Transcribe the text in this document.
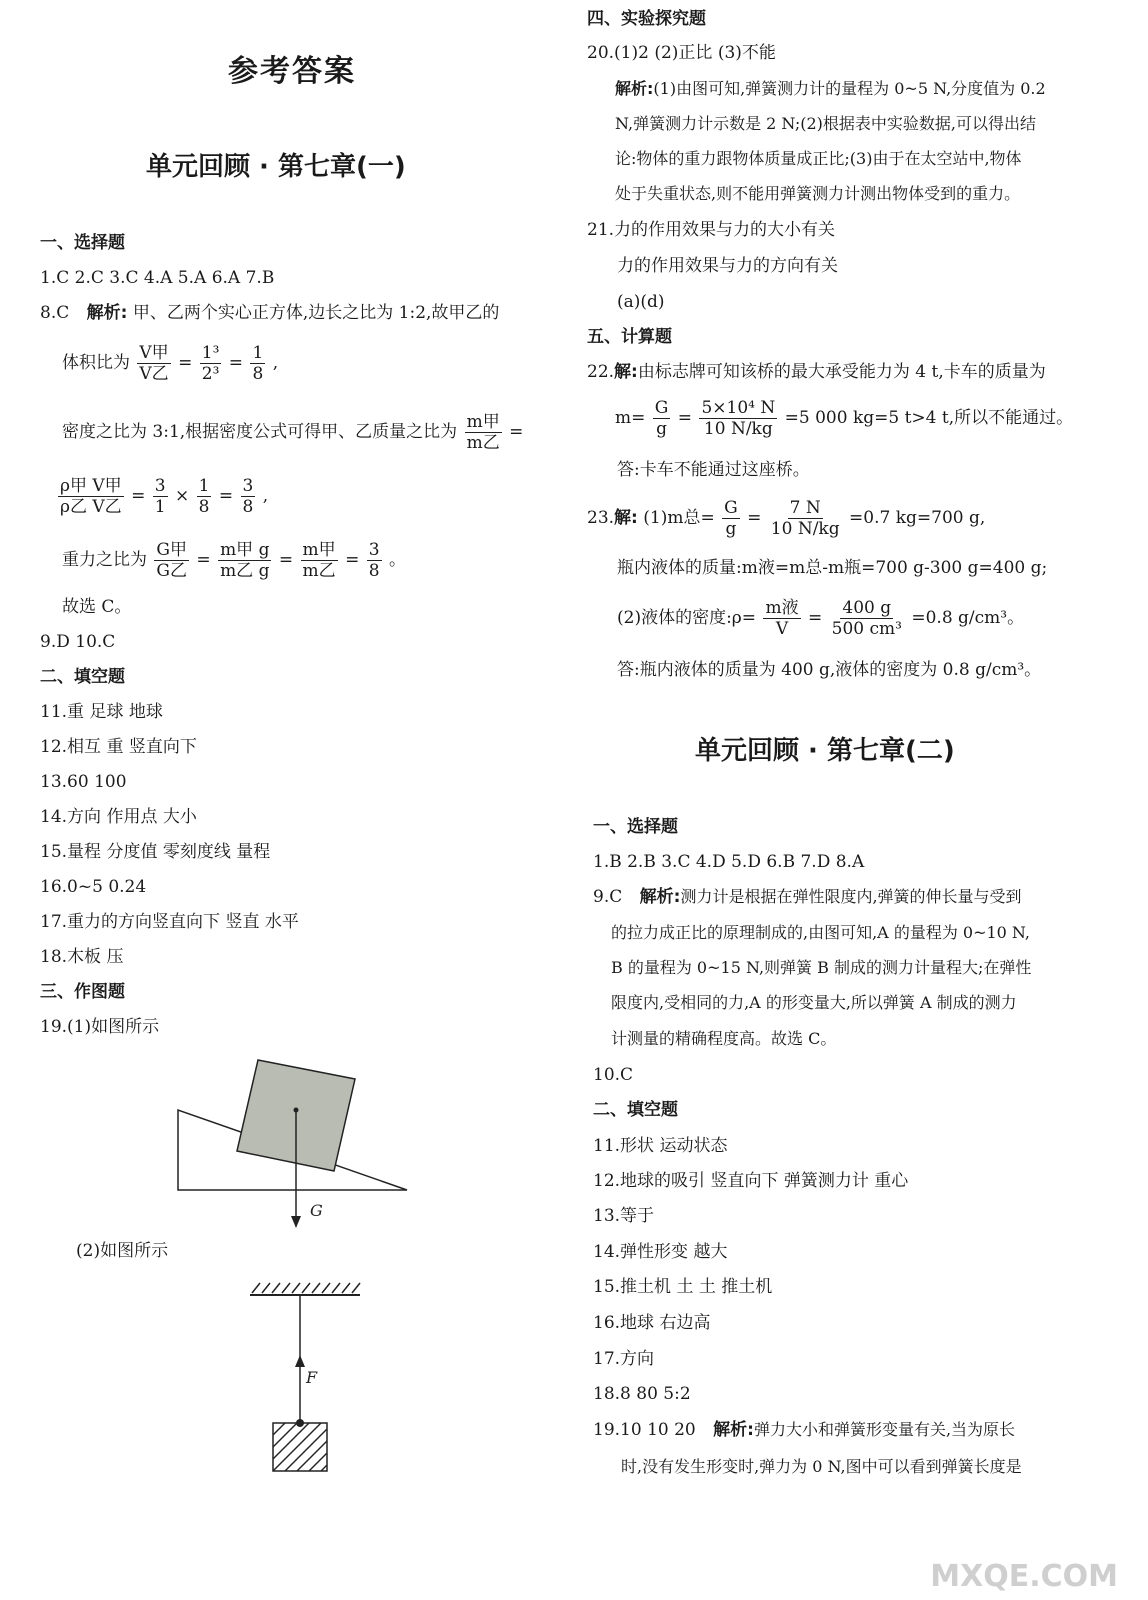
参考答案
单元回顾 · 第七章(一)
一、选择题
1.C 2.C 3.C 4.A 5.A 6.A 7.B
8.C 解析: 甲、乙两个实心正方体,边长之比为 1:2,故甲乙的
体积比为 $\frac{\text{V甲}}{\text{V乙}} = \frac{\text{1³}}{\text{2³}} = \frac{1}{8}$ ,
密度之比为 3:1,根据密度公式可得甲、乙质量之比为 $\frac{\text{m甲}}{\text{m乙}}$ =
$\frac{\text{ρ甲 V甲}}{\text{ρ乙 V乙}} = \frac{3}{1} \times \frac{1}{8} = \frac{3}{8}$ ,
重力之比为 $\frac{\text{G甲}}{\text{G乙}} = \frac{\text{m甲 g}}{\text{m乙 g}} = \frac{\text{m甲}}{\text{m乙}} = \frac{3}{8}$ 。
故选 C。
9.D 10.C
二、填空题
11.重 足球 地球
12.相互 重 竖直向下
13.60 100
14.方向 作用点 大小
15.量程 分度值 零刻度线 量程
16.0~5 0.24
17.重力的方向竖直向下 竖直 水平
18.木板 压
三、作图题
19.(1)如图所示
G
(2)如图所示
F
四、实验探究题
20.(1)2 (2)正比 (3)不能
解析:(1)由图可知,弹簧测力计的量程为 0~5 N,分度值为 0.2
N,弹簧测力计示数是 2 N;(2)根据表中实验数据,可以得出结
论:物体的重力跟物体质量成正比;(3)由于在太空站中,物体
处于失重状态,则不能用弹簧测力计测出物体受到的重力。
21.力的作用效果与力的大小有关
力的作用效果与力的方向有关
(a)(d)
五、计算题
22.解:由标志牌可知该桥的最大承受能力为 4 t,卡车的质量为
$m= \frac{G}{g} = \frac{\text{5×10⁴ N}}{10 N/kg} =5$ 000 kg=5 t>4 t,所以不能通过。
答:卡车不能通过这座桥。
23.解: (1)m总= $\frac{G}{g} = \frac{7 N}{10 N/kg} =0.7$ kg=700 g,
瓶内液体的质量:m液=m总-m瓶=700 g-300 g=400 g;
(2)液体的密度:ρ= $\frac{\text{m液}}{V} = \frac{400 g}{\text{500 cm³}} =0.8$ g/cm³。
答:瓶内液体的质量为 400 g,液体的密度为 0.8 g/cm³。
单元回顾 · 第七章(二)
一、选择题
1.B 2.B 3.C 4.D 5.D 6.B 7.D 8.A
9.C 解析:测力计是根据在弹性限度内,弹簧的伸长量与受到
的拉力成正比的原理制成的,由图可知,A 的量程为 0~10 N,
B 的量程为 0~15 N,则弹簧 B 制成的测力计量程大;在弹性
限度内,受相同的力,A 的形变量大,所以弹簧 A 制成的测力
计测量的精确程度高。故选 C。
10.C
二、填空题
11.形状 运动状态
12.地球的吸引 竖直向下 弹簧测力计 重心
13.等于
14.弹性形变 越大
15.推土机 土 土 推土机
16.地球 右边高
17.方向
18.8 80 5:2
19.10 10 20 解析:弹力大小和弹簧形变量有关,当为原长
时,没有发生形变时,弹力为 0 N,图中可以看到弹簧长度是
MXQE.COM
